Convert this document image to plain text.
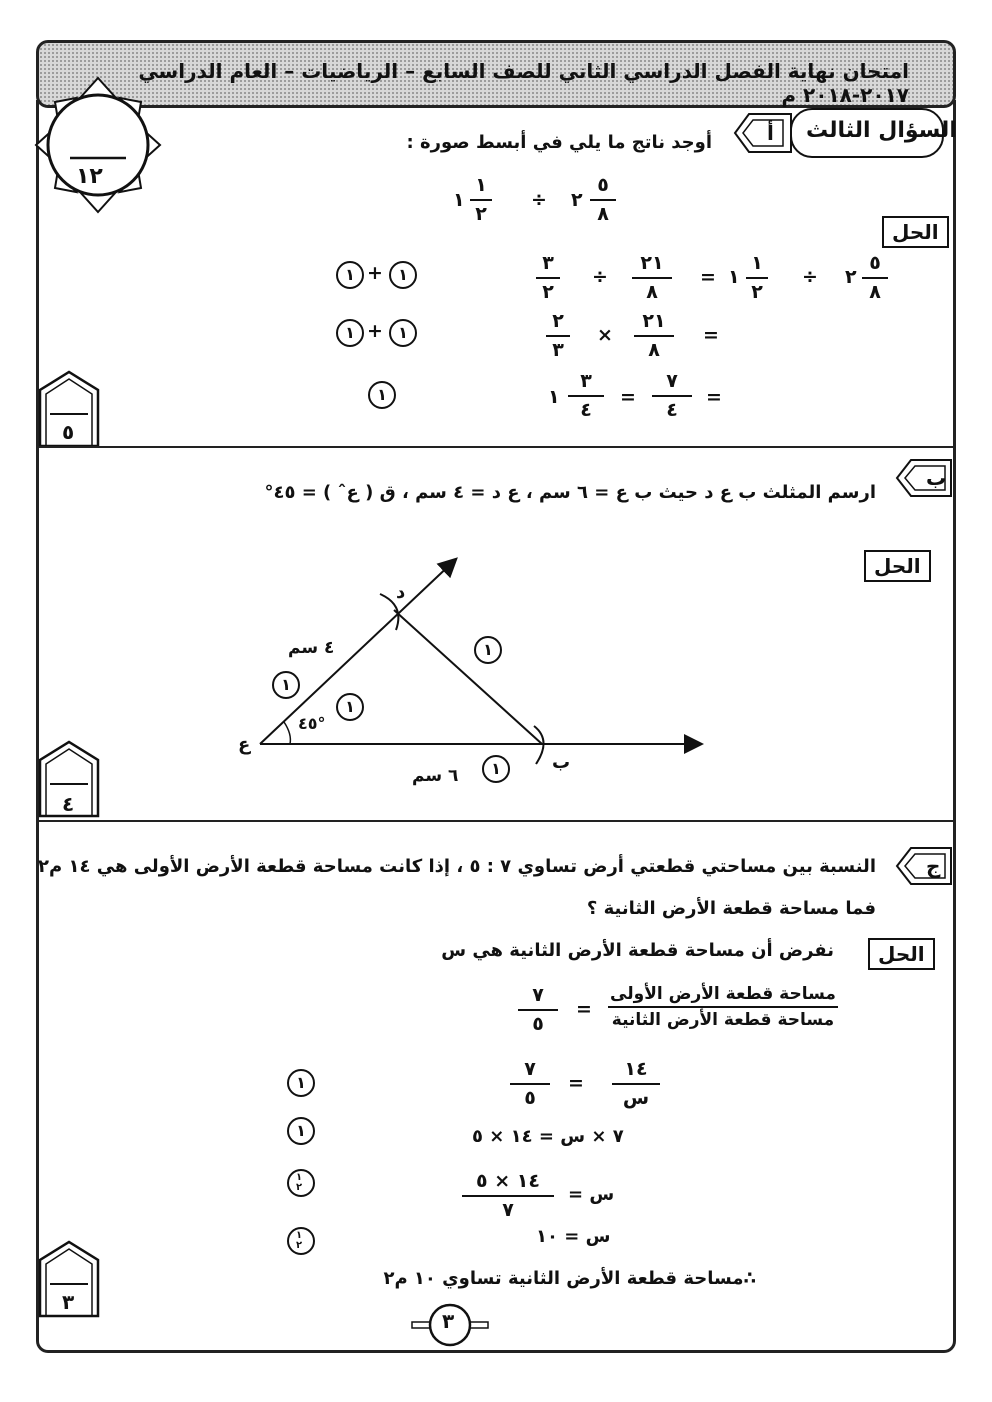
امتحان نهاية الفصل الدراسي الثاني للصف السابع – الرياضيات – العام الدراسي ٢٠١٧-٢٠١٨ م
١٢
السؤال الثالث
أ
أوجد ناتج ما يلي في أبسط صورة :
١
١
٢
÷ ٢
٥
٨
الحل
٣
٢
÷
٢١
٨
= ١
١
٢
÷ ٢
٥
٨
١ + ١
٢
٣
×
٢١
٨
=
١ + ١
١
٣
٤
=
٧
٤
=
١
٥
ب
ارسم المثلث ب ع د حيث ب ع = ٦ سم ، ع د = ٤ سم ، ق ( عˆ ) = ٤٥°
الحل
د
ع
ب
٤ سم
٦ سم
٤٥°
١
١
١
١
٤
ج
النسبة بين مساحتي قطعتي أرض تساوي ٧ : ٥ ، إذا كانت مساحة قطعة الأرض الأولى هي ١٤ م٢
فما مساحة قطعة الأرض الثانية ؟
الحل
نفرض أن مساحة قطعة الأرض الثانية هي س
٧
٥
=
مساحة قطعة الأرض الأولى
مساحة قطعة الأرض الثانية
٧
٥
=
١٤
س
١
٧ × س = ١٤ × ٥
١
س =
١٤ × ٥
٧
١
٢
س = ١٠
١
٢
∴مساحة قطعة الأرض الثانية تساوي ١٠ م٢
٣
٣
